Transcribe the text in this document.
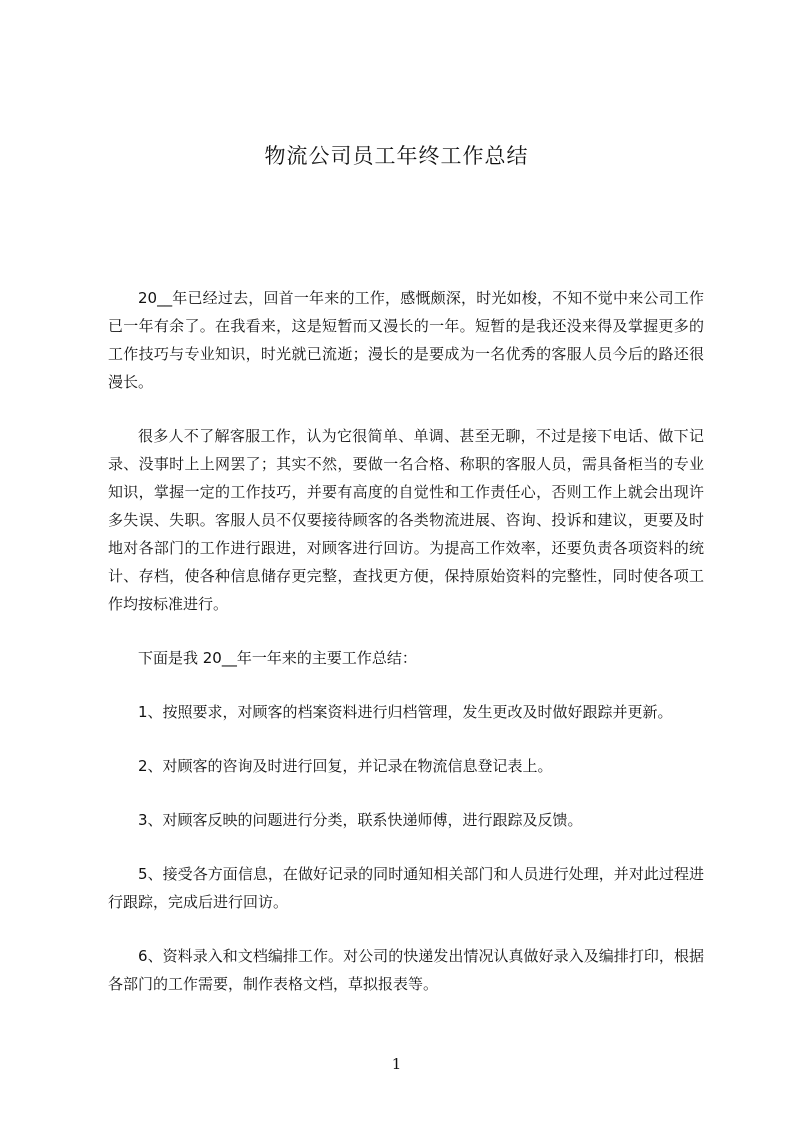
物流公司员工年终工作总结

20__年已经过去，回首一年来的工作，感慨颇深，时光如梭，不知不觉中来公司工作已一年有余了。在我看来，这是短暂而又漫长的一年。短暂的是我还没来得及掌握更多的工作技巧与专业知识，时光就已流逝；漫长的是要成为一名优秀的客服人员今后的路还很漫长。

很多人不了解客服工作，认为它很简单、单调、甚至无聊，不过是接下电话、做下记录、没事时上上网罢了；其实不然，要做一名合格、称职的客服人员，需具备柜当的专业知识，掌握一定的工作技巧，并要有高度的自觉性和工作责任心，否则工作上就会出现许多失误、失职。客服人员不仅要接待顾客的各类物流进展、咨询、投诉和建议，更要及时地对各部门的工作进行跟进，对顾客进行回访。为提高工作效率，还要负责各项资料的统计、存档，使各种信息储存更完整，查找更方便，保持原始资料的完整性，同时使各项工作均按标准进行。

下面是我 20__年一年来的主要工作总结：

1、按照要求，对顾客的档案资料进行归档管理，发生更改及时做好跟踪并更新。

2、对顾客的咨询及时进行回复，并记录在物流信息登记表上。

3、对顾客反映的问题进行分类，联系快递师傅，进行跟踪及反馈。

5、接受各方面信息，在做好记录的同时通知相关部门和人员进行处理，并对此过程进行跟踪，完成后进行回访。

6、资料录入和文档编排工作。对公司的快递发出情况认真做好录入及编排打印，根据各部门的工作需要，制作表格文档，草拟报表等。

1
